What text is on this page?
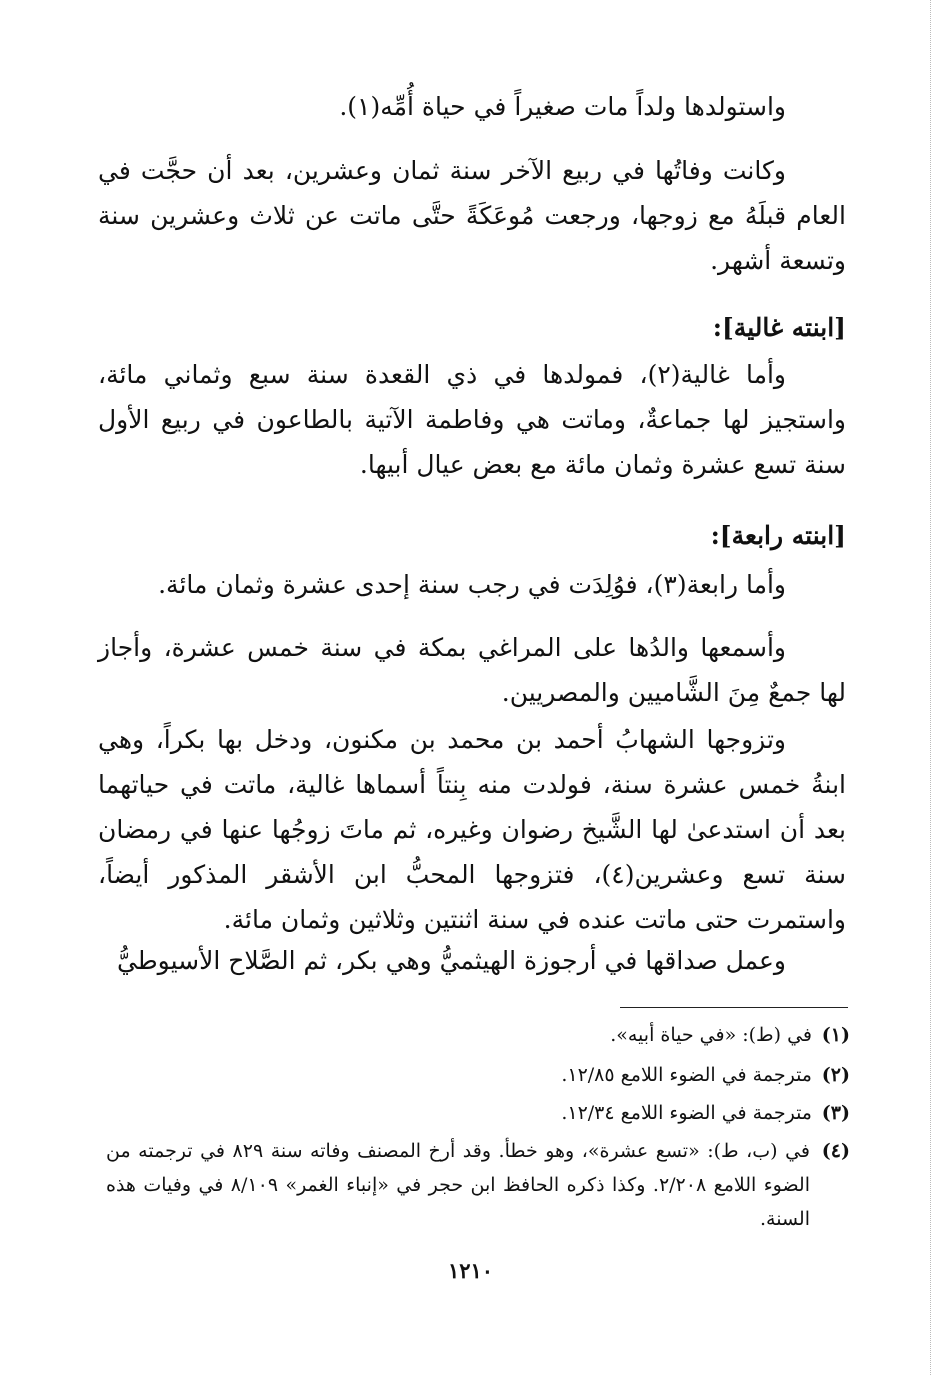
واستولدها ولداً مات صغيراً في حياة أُمِّه(١).

وكانت وفاتُها في ربيع الآخر سنة ثمان وعشرين، بعد أن حجَّت في العام قبلَهُ مع زوجها، ورجعت مُوعَكَةً حتَّى ماتت عن ثلاث وعشرين سنة وتسعة أشهر.

[ابنته غالية]:

وأما غالية(٢)، فمولدها في ذي القعدة سنة سبع وثماني مائة، واستجيز لها جماعةٌ، وماتت هي وفاطمة الآتية بالطاعون في ربيع الأول سنة تسع عشرة وثمان مائة مع بعض عيال أبيها.

[ابنته رابعة]:

وأما رابعة(٣)، فوُلِدَت في رجب سنة إحدى عشرة وثمان مائة.

وأسمعها والدُها على المراغي بمكة في سنة خمس عشرة، وأجاز لها جمعٌ مِنَ الشَّاميين والمصريين.

وتزوجها الشهابُ أحمد بن محمد بن مكنون، ودخل بها بكراً، وهي ابنةُ خمس عشرة سنة، فولدت منه بِنتاً أسماها غالية، ماتت في حياتهما بعد أن استدعىٰ لها الشَّيخ رضوان وغيره، ثم ماتَ زوجُها عنها في رمضان سنة تسع وعشرين(٤)، فتزوجها المحبُّ ابن الأشقر المذكور أيضاً، واستمرت حتى ماتت عنده في سنة اثنتين وثلاثين وثمان مائة.

وعمل صداقها في أرجوزة الهيثميُّ وهي بكر، ثم الصَّلاح الأسيوطيُّ

(١)في (ط): «في حياة أبيه».

(٢)مترجمة في الضوء اللامع ١٢/٨٥.

(٣)مترجمة في الضوء اللامع ١٢/٣٤.

(٤)
في (ب، ط): «تسع عشرة»، وهو خطأ. وقد أرخ المصنف وفاته سنة ٨٢٩ في ترجمته من الضوء اللامع ٢/٢٠٨. وكذا ذكره الحافظ ابن حجر في «إنباء الغمر» ٨/١٠٩ في وفيات هذه السنة.

١٢١٠
